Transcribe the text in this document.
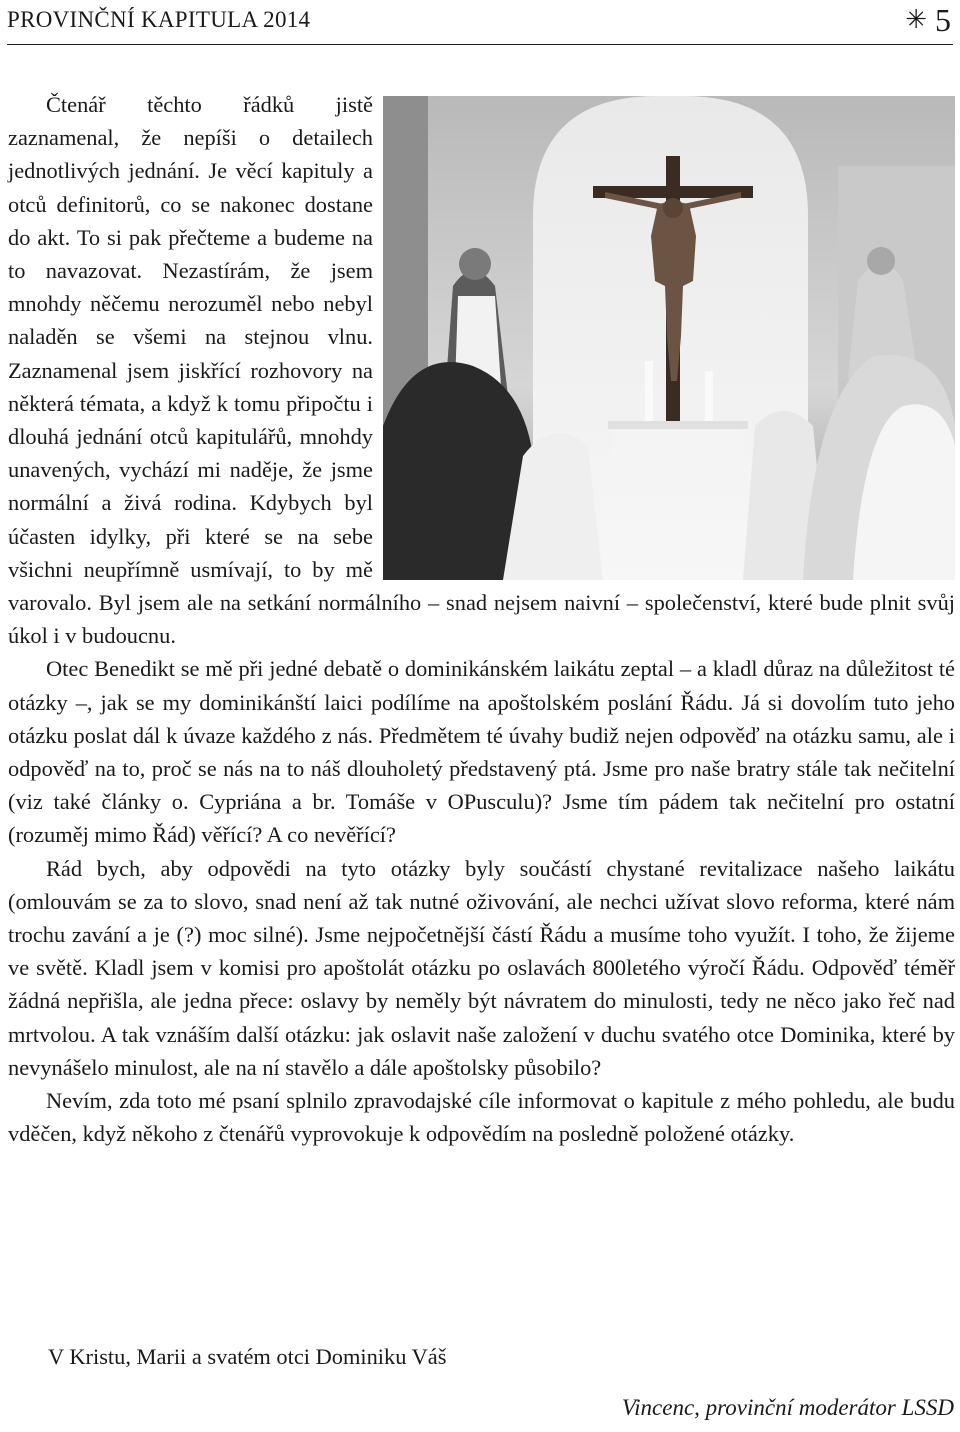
PROVINČNÍ KAPITULA 2014	✳ 5

Čtenář těchto řádků jistě zaznamenal, že nepíši o detailech jednotlivých jednání. Je věcí kapituly a otců definitorů, co se nakonec dostane do akt. To si pak přečteme a budeme na to navazovat. Nezastírám, že jsem mnohdy něčemu nerozuměl nebo nebyl naladěn se všemi na stejnou vlnu. Zaznamenal jsem jiskřící rozhovory na některá témata, a když k tomu připočtu i dlouhá jednání otců kapitulářů, mnohdy unavených, vychází mi naděje, že jsme normální a živá rodina. Kdybych byl účasten idylky, při které se na sebe všichni neupřímně usmívají, to by mě varovalo. Byl jsem ale na setkání normálního – snad nejsem naivní – společenství, které bude plnit svůj úkol i v budoucnu.

Otec Benedikt se mě při jedné debatě o dominikánském laikátu zeptal – a kladl důraz na důležitost té otázky –, jak se my dominikánští laici podílíme na apoštolském poslání Řádu. Já si dovolím tuto jeho otázku poslat dál k úvaze každého z nás. Předmětem té úvahy budiž nejen odpověď na otázku samu, ale i odpověď na to, proč se nás na to náš dlouholetý představený ptá. Jsme pro naše bratry stále tak nečitelní (viz také články o. Cypriána a br. Tomáše v OPusculu)? Jsme tím pádem tak nečitelní pro ostatní (rozuměj mimo Řád) věřící? A co nevěřící?

Rád bych, aby odpovědi na tyto otázky byly součástí chystané revitalizace našeho laikátu (omlouvám se za to slovo, snad není až tak nutné oživování, ale nechci užívat slovo reforma, které nám trochu zavání a je (?) moc silné). Jsme nejpočetnější částí Řádu a musíme toho využít. I toho, že žijeme ve světě. Kladl jsem v komisi pro apoštolát otázku po oslavách 800letého výročí Řádu. Odpověď téměř žádná nepřišla, ale jedna přece: oslavy by neměly být návratem do minulosti, tedy ne něco jako řeč nad mrtvolou. A tak vznáším další otázku: jak oslavit naše založení v duchu svatého otce Dominika, které by nevynášelo minulost, ale na ní stavělo a dále apoštolsky působilo?

Nevím, zda toto mé psaní splnilo zpravodajské cíle informovat o kapitule z mého pohledu, ale budu vděčen, když někoho z čtenářů vyprovokuje k odpovědím na posledně položené otázky.

V Kristu, Marii a svatém otci Dominiku Váš
Vincenc, provinční moderátor LSSD
